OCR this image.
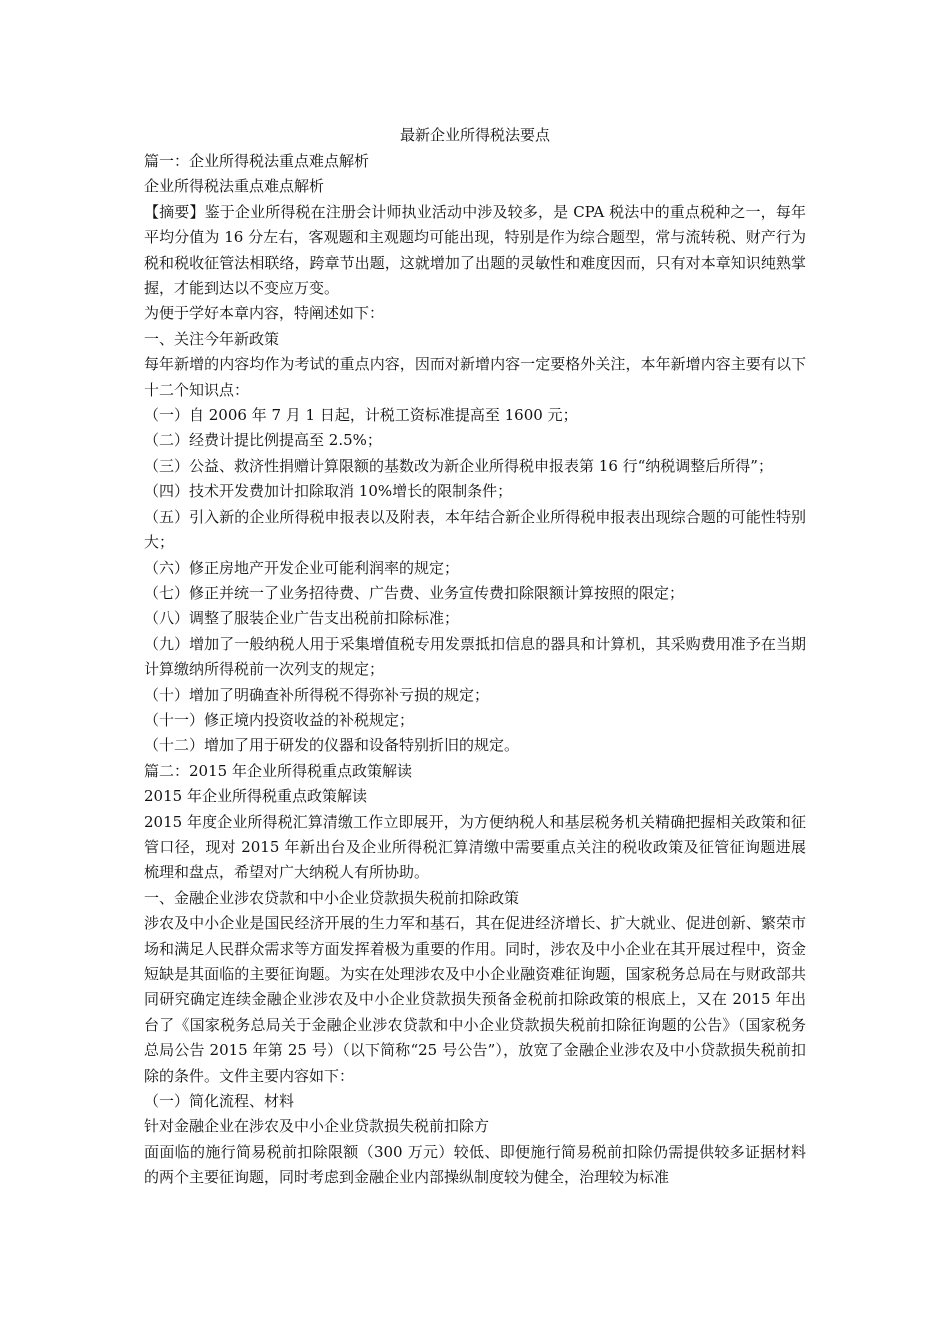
最新企业所得税法要点

篇一：企业所得税法重点难点解析

企业所得税法重点难点解析

【摘要】鉴于企业所得税在注册会计师执业活动中涉及较多，是 CPA 税法中的重点税种之一，每年平均分值为 16 分左右，客观题和主观题均可能出现，特别是作为综合题型，常与流转税、财产行为税和税收征管法相联络，跨章节出题，这就增加了出题的灵敏性和难度因而，只有对本章知识纯熟掌握，才能到达以不变应万变。

为便于学好本章内容，特阐述如下：

一、关注今年新政策

每年新增的内容均作为考试的重点内容，因而对新增内容一定要格外关注，本年新增内容主要有以下十二个知识点：

（一）自 2006 年 7 月 1 日起，计税工资标准提高至 1600 元；

（二）经费计提比例提高至 2.5%；

（三）公益、救济性捐赠计算限额的基数改为新企业所得税申报表第 16 行“纳税调整后所得”；

（四）技术开发费加计扣除取消 10%增长的限制条件；

（五）引入新的企业所得税申报表以及附表，本年结合新企业所得税申报表出现综合题的可能性特别大；

（六）修正房地产开发企业可能利润率的规定；

（七）修正并统一了业务招待费、广告费、业务宣传费扣除限额计算按照的限定；

（八）调整了服装企业广告支出税前扣除标准；

（九）增加了一般纳税人用于采集增值税专用发票抵扣信息的器具和计算机，其采购费用准予在当期计算缴纳所得税前一次列支的规定；

（十）增加了明确查补所得税不得弥补亏损的规定；

（十一）修正境内投资收益的补税规定；

（十二）增加了用于研发的仪器和设备特别折旧的规定。

篇二：2015 年企业所得税重点政策解读

2015 年企业所得税重点政策解读

2015 年度企业所得税汇算清缴工作立即展开，为方便纳税人和基层税务机关精确把握相关政策和征管口径，现对 2015 年新出台及企业所得税汇算清缴中需要重点关注的税收政策及征管征询题进展梳理和盘点，希望对广大纳税人有所协助。

一、金融企业涉农贷款和中小企业贷款损失税前扣除政策

涉农及中小企业是国民经济开展的生力军和基石，其在促进经济增长、扩大就业、促进创新、繁荣市场和满足人民群众需求等方面发挥着极为重要的作用。同时，涉农及中小企业在其开展过程中，资金短缺是其面临的主要征询题。为实在处理涉农及中小企业融资难征询题，国家税务总局在与财政部共同研究确定连续金融企业涉农及中小企业贷款损失预备金税前扣除政策的根底上，又在 2015 年出台了《国家税务总局关于金融企业涉农贷款和中小企业贷款损失税前扣除征询题的公告》（国家税务总局公告 2015 年第 25 号）（以下简称“25 号公告”），放宽了金融企业涉农及中小贷款损失税前扣除的条件。文件主要内容如下：

（一）简化流程、材料

针对金融企业在涉农及中小企业贷款损失税前扣除方

面面临的施行简易税前扣除限额（300 万元）较低、即便施行简易税前扣除仍需提供较多证据材料的两个主要征询题，同时考虑到金融企业内部操纵制度较为健全，治理较为标准
